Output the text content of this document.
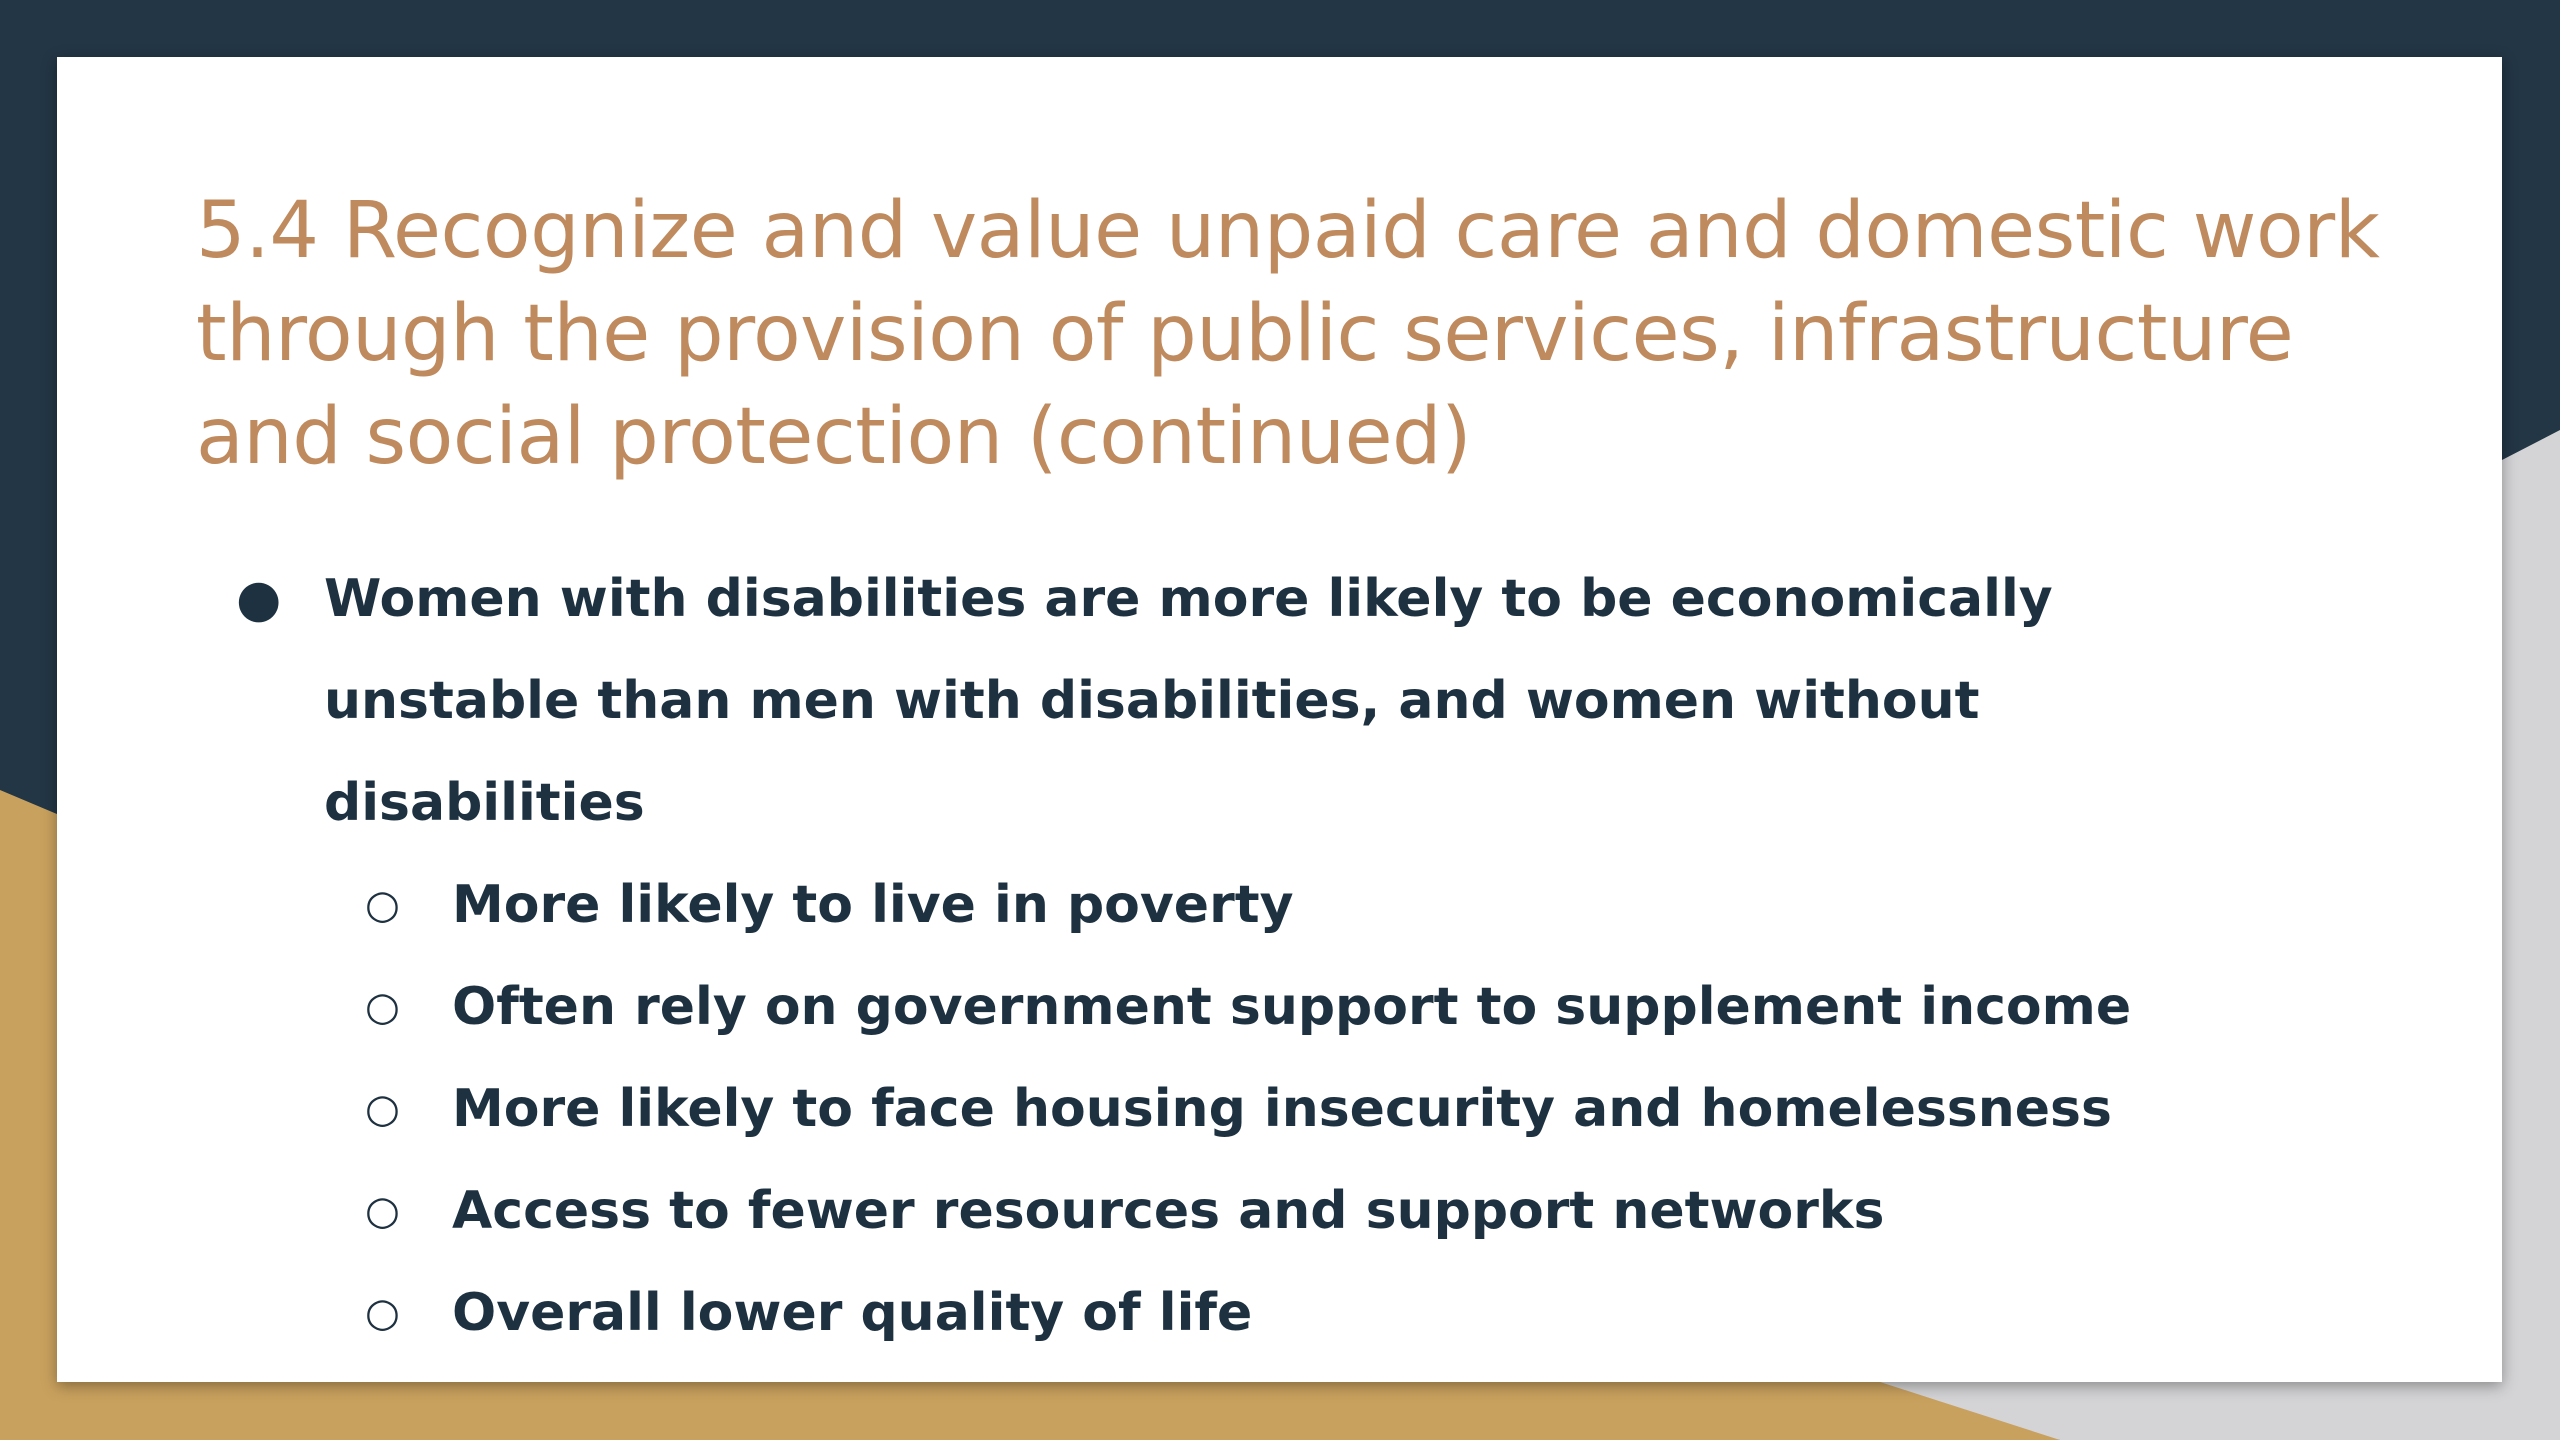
5.4 Recognize and value unpaid care and domestic work through the provision of public services, infrastructure and social protection (continued)
● Women with disabilities are more likely to be economically unstable than men with disabilities, and women without disabilities
○ More likely to live in poverty
○ Often rely on government support to supplement income
○ More likely to face housing insecurity and homelessness
○ Access to fewer resources and support networks
○ Overall lower quality of life
